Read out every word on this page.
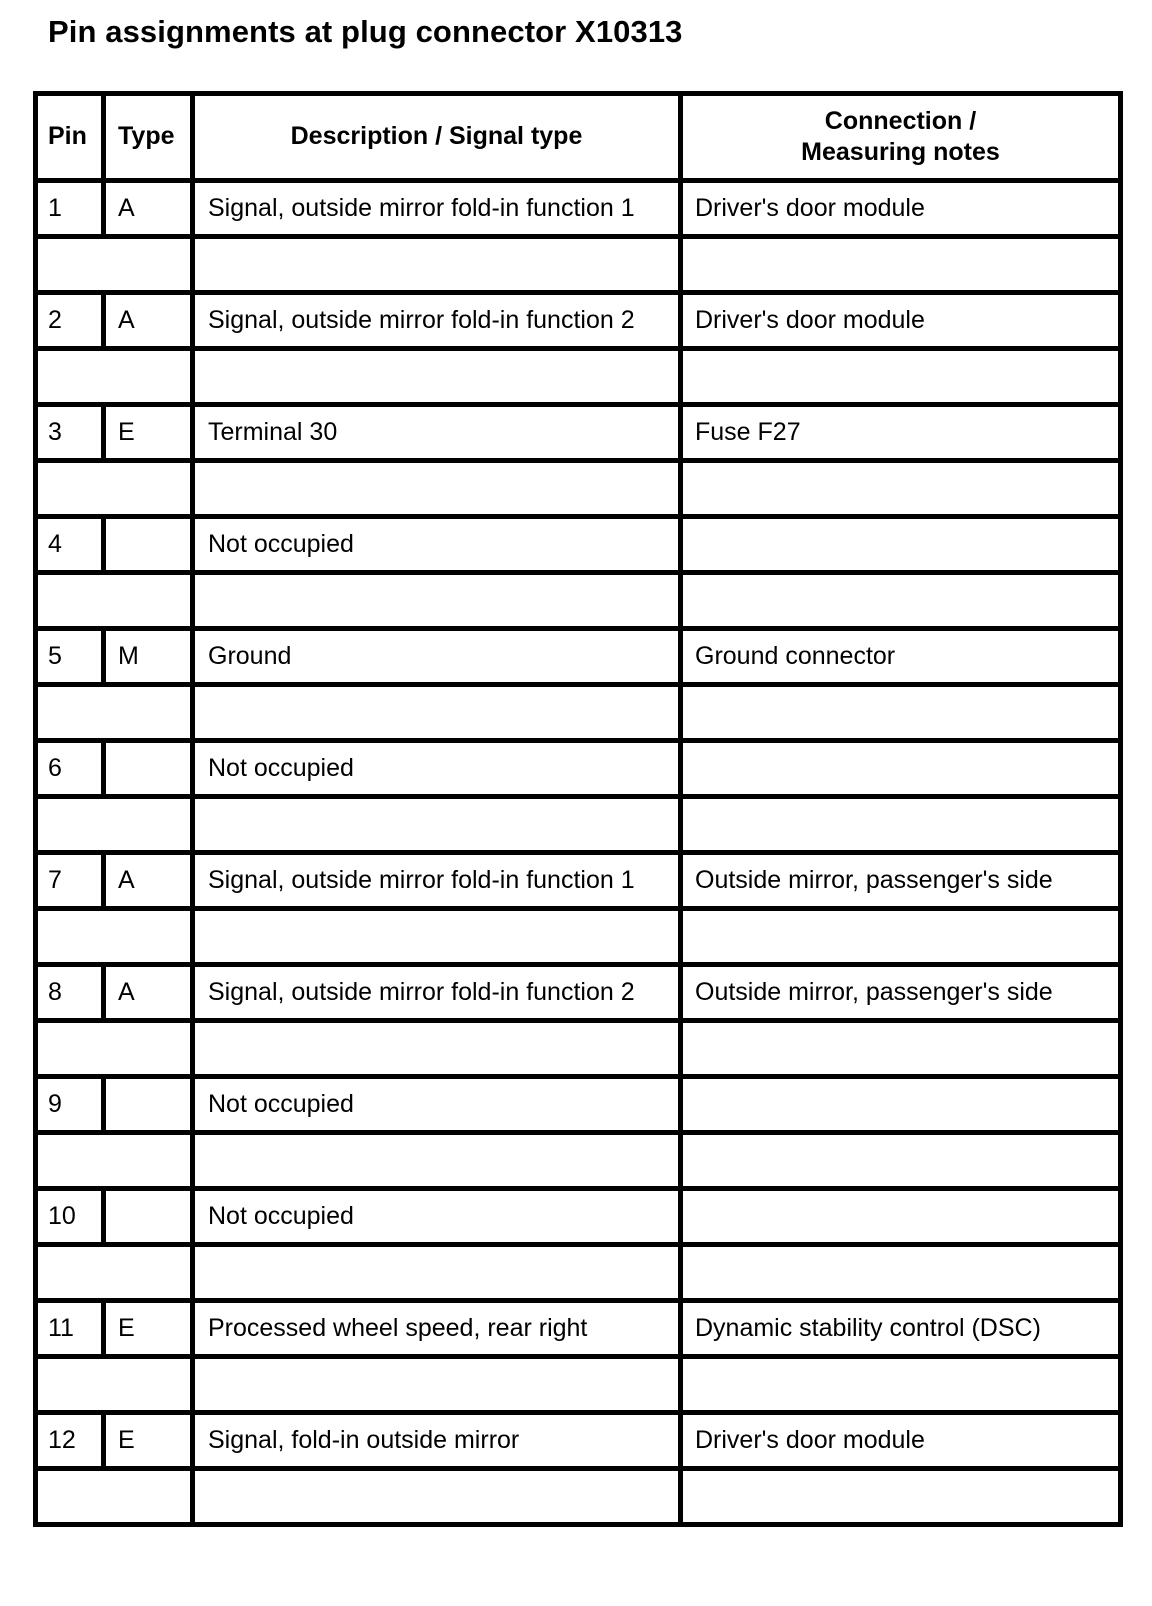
Pin assignments at plug connector X10313
Pin	Type	Description / Signal type	Connection /
Measuring notes

1	A	Signal, outside mirror fold-in function 1	Driver's door module

2	A	Signal, outside mirror fold-in function 2	Driver's door module

3	E	Terminal 30	Fuse F27

4		Not occupied	

5	M	Ground	Ground connector

6		Not occupied	

7	A	Signal, outside mirror fold-in function 1	Outside mirror, passenger's side

8	A	Signal, outside mirror fold-in function 2	Outside mirror, passenger's side

9		Not occupied	

10		Not occupied	

11	E	Processed wheel speed, rear right	Dynamic stability control (DSC)

12	E	Signal, fold-in outside mirror	Driver's door module
